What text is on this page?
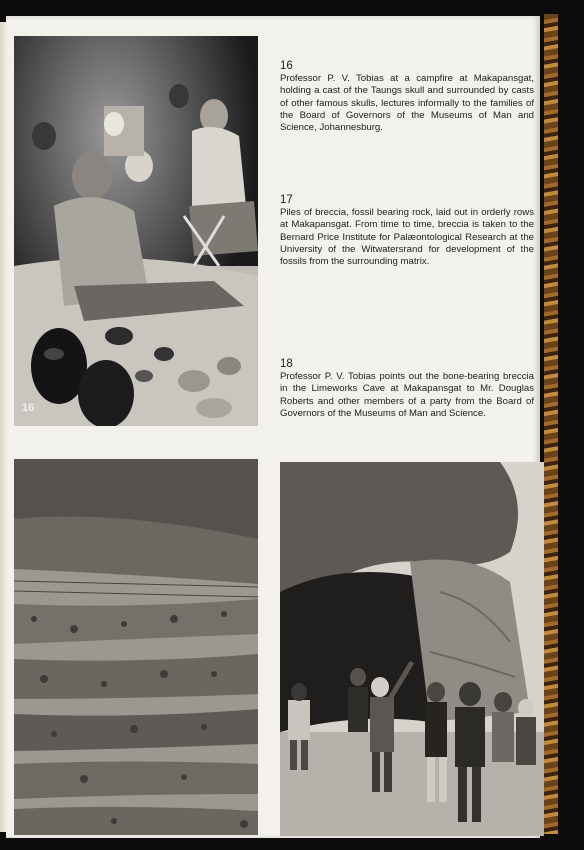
16
16
Professor P. V. Tobias at a campfire at Makapansgat, holding a cast of the Taungs skull and surrounded by casts of other famous skulls, lectures informally to the families of the Board of Governors of the Museums of Man and Science, Johannesburg.
17
Piles of breccia, fossil bearing rock, laid out in orderly rows at Makapansgat. From time to time, breccia is taken to the Bernard Price Institute for Palæontological Research at the University of the Witwatersrand for development of the fossils from the surrounding matrix.
18
Professor P. V. Tobias points out the bone-bearing breccia in the Limeworks Cave at Makapansgat to Mr. Douglas Roberts and other members of a party from the Board of Governors of the Museums of Man and Science.
